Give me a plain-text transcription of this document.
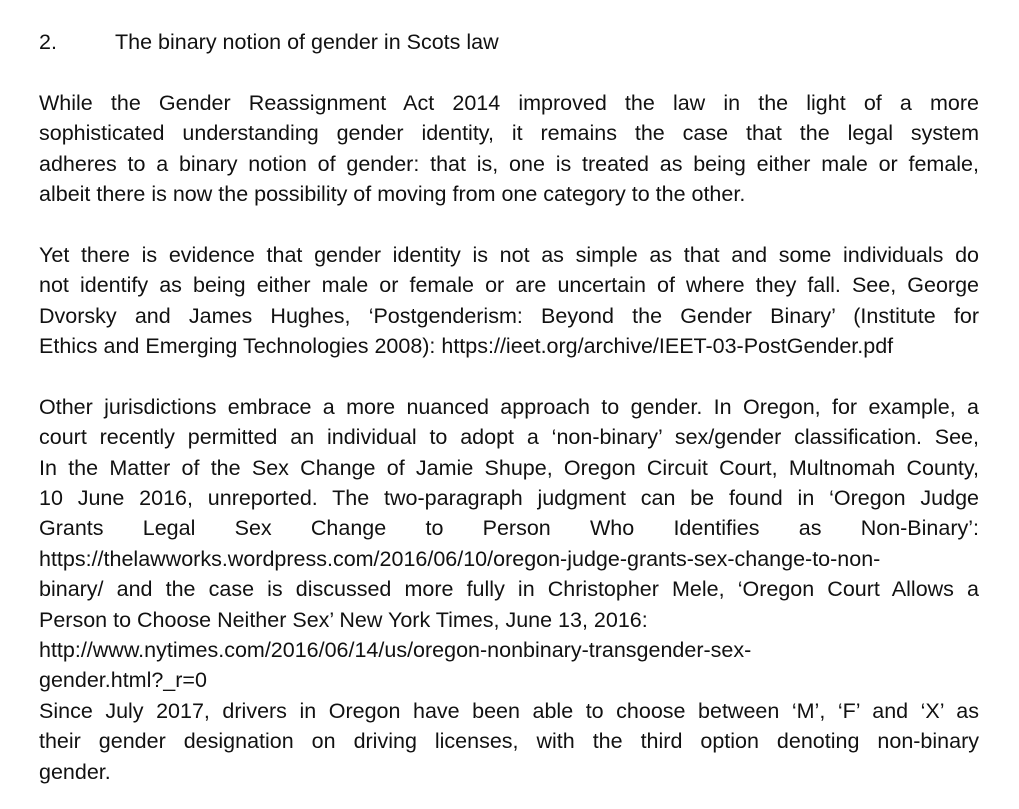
2.	The binary notion of gender in Scots law
While the Gender Reassignment Act 2014 improved the law in the light of a more
sophisticated understanding gender identity, it remains the case that the legal system
adheres to a binary notion of gender: that is, one is treated as being either male or female,
albeit there is now the possibility of moving from one category to the other.
Yet there is evidence that gender identity is not as simple as that and some individuals do
not identify as being either male or female or are uncertain of where they fall. See, George
Dvorsky and James Hughes, ‘Postgenderism: Beyond the Gender Binary’ (Institute for
Ethics and Emerging Technologies 2008): https://ieet.org/archive/IEET-03-PostGender.pdf
Other jurisdictions embrace a more nuanced approach to gender. In Oregon, for example, a
court recently permitted an individual to adopt a ‘non-binary’ sex/gender classification. See,
In the Matter of the Sex Change of Jamie Shupe, Oregon Circuit Court, Multnomah County,
10 June 2016, unreported. The two-paragraph judgment can be found in ‘Oregon Judge
Grants Legal Sex Change to Person Who Identifies as Non-Binary’:
https://thelawworks.wordpress.com/2016/06/10/oregon-judge-grants-sex-change-to-non-
binary/ and the case is discussed more fully in Christopher Mele, ‘Oregon Court Allows a
Person to Choose Neither Sex’ New York Times, June 13, 2016:
http://www.nytimes.com/2016/06/14/us/oregon-nonbinary-transgender-sex-
gender.html?_r=0
Since July 2017, drivers in Oregon have been able to choose between ‘M’, ‘F’ and ‘X’ as
their gender designation on driving licenses, with the third option denoting non-binary
gender.
